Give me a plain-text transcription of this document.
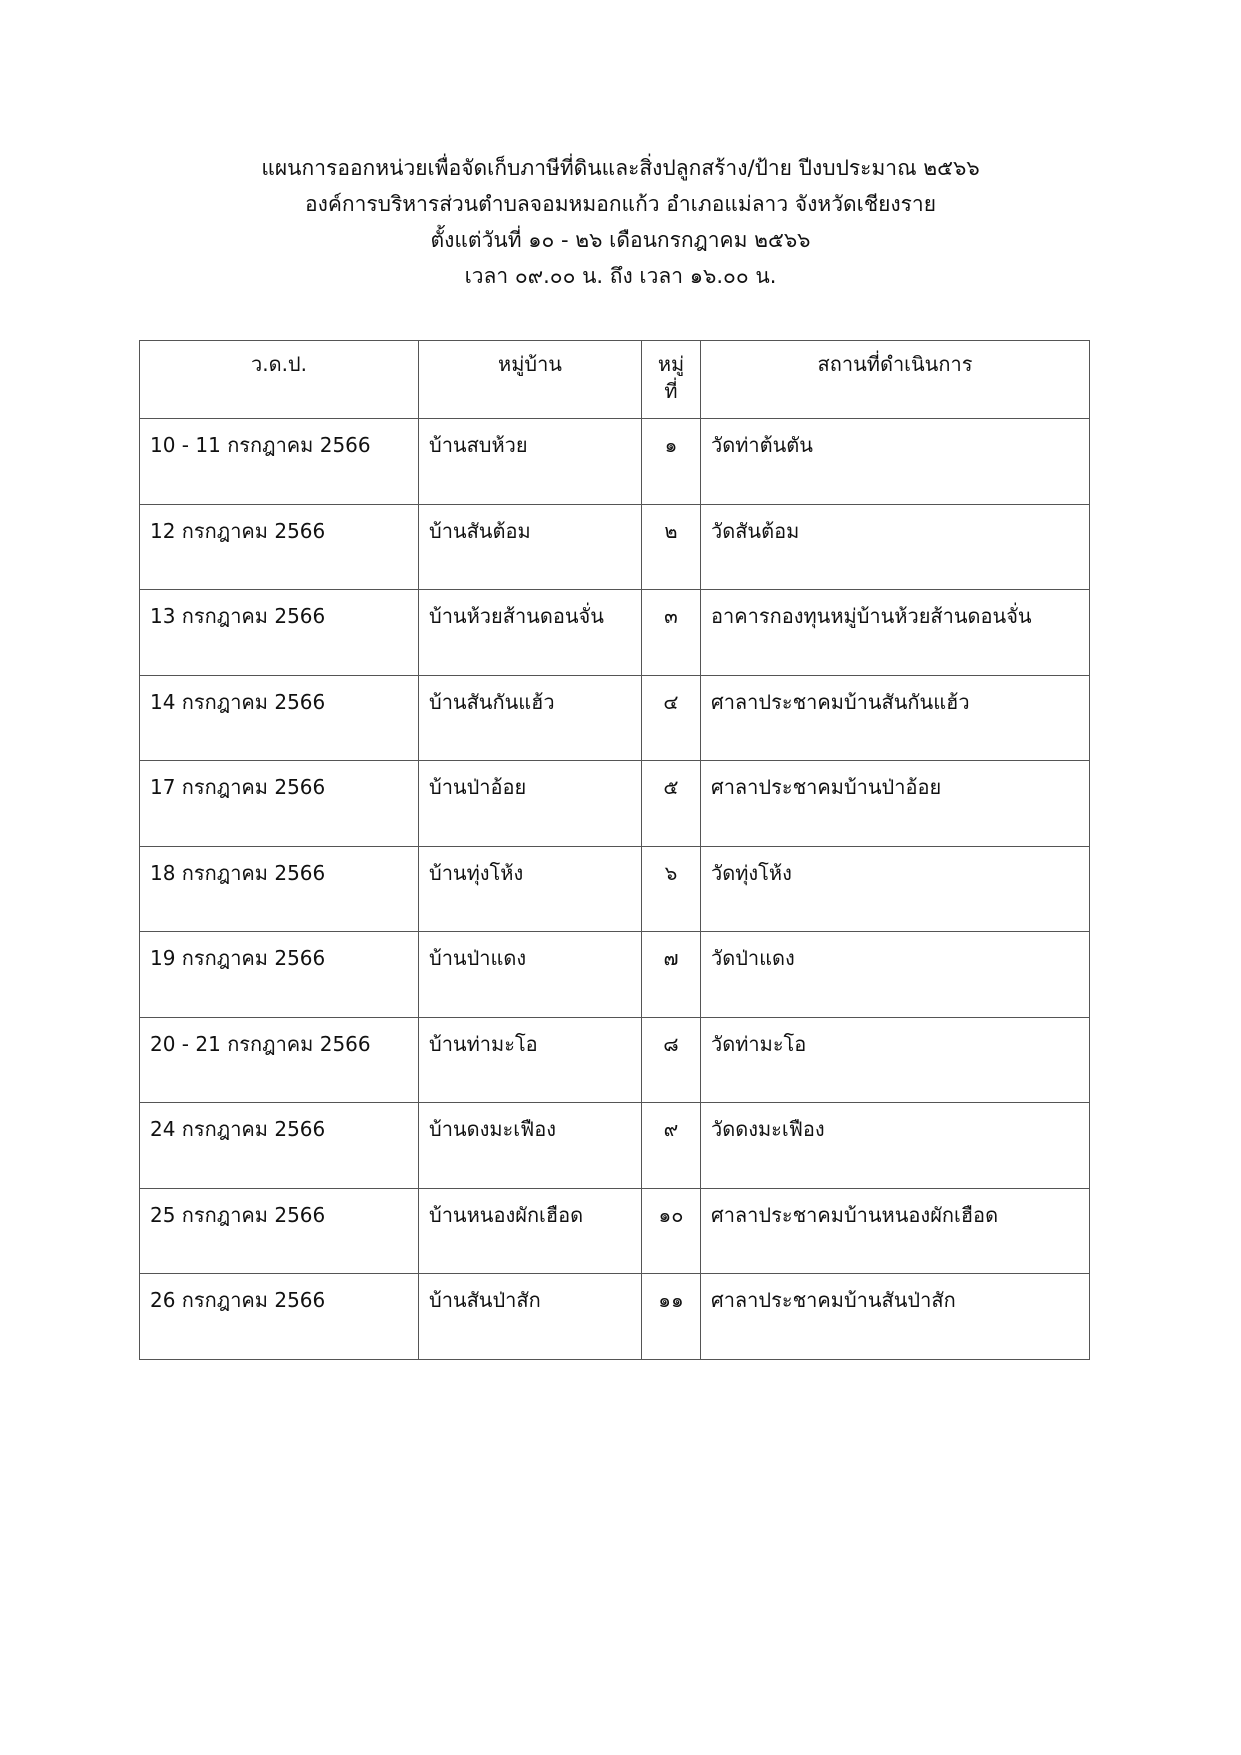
แผนการออกหน่วยเพื่อจัดเก็บภาษีที่ดินและสิ่งปลูกสร้าง/ป้าย ปีงบประมาณ ๒๕๖๖
องค์การบริหารส่วนตำบลจอมหมอกแก้ว อำเภอแม่ลาว จังหวัดเชียงราย
ตั้งแต่วันที่ ๑๐ - ๒๖ เดือนกรกฎาคม ๒๕๖๖
เวลา ๐๙.๐๐ น. ถึง เวลา ๑๖.๐๐ น.
ว.ด.ป.	หมู่บ้าน	หมู่ที่	สถานที่ดำเนินการ
10 - 11 กรกฎาคม 2566	บ้านสบห้วย	๑	วัดท่าต้นตัน
12 กรกฎาคม 2566	บ้านสันต้อม	๒	วัดสันต้อม
13 กรกฎาคม 2566	บ้านห้วยส้านดอนจั่น	๓	อาคารกองทุนหมู่บ้านห้วยส้านดอนจั่น
14 กรกฎาคม 2566	บ้านสันกันแฮ้ว	๔	ศาลาประชาคมบ้านสันกันแฮ้ว
17 กรกฎาคม 2566	บ้านป่าอ้อย	๕	ศาลาประชาคมบ้านป่าอ้อย
18 กรกฎาคม 2566	บ้านทุ่งโห้ง	๖	วัดทุ่งโห้ง
19 กรกฎาคม 2566	บ้านป่าแดง	๗	วัดป่าแดง
20 - 21 กรกฎาคม 2566	บ้านท่ามะโอ	๘	วัดท่ามะโอ
24 กรกฎาคม 2566	บ้านดงมะเฟือง	๙	วัดดงมะเฟือง
25 กรกฎาคม 2566	บ้านหนองผักเฮือด	๑๐	ศาลาประชาคมบ้านหนองผักเฮือด
26 กรกฎาคม 2566	บ้านสันป่าสัก	๑๑	ศาลาประชาคมบ้านสันป่าสัก
